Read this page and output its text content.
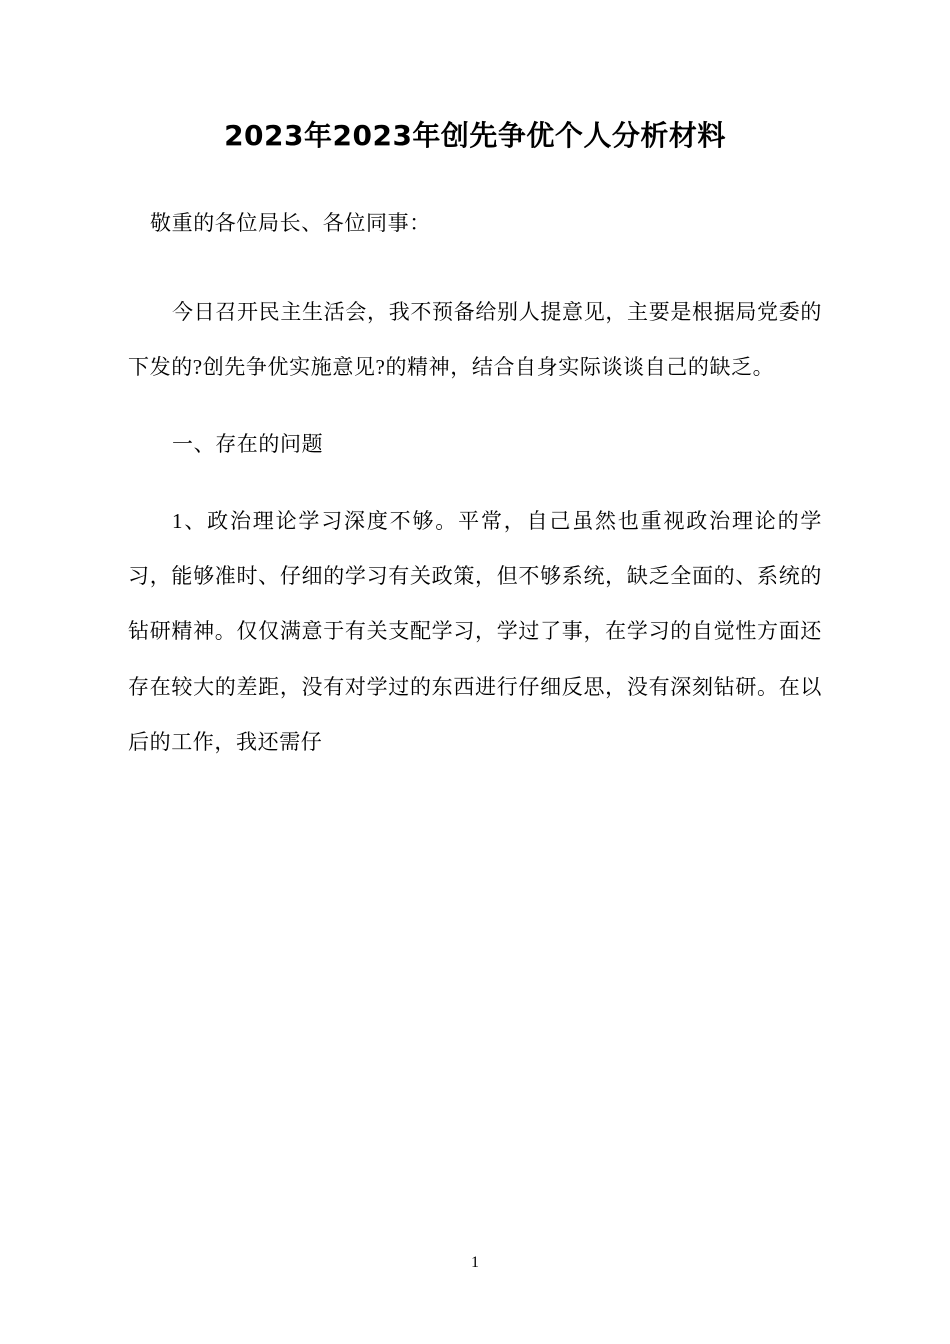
2023年2023年创先争优个人分析材料

敬重的各位局长、各位同事：

今日召开民主生活会，我不预备给别人提意见，主要是根据局党委的下发的?创先争优实施意见?的精神，结合自身实际谈谈自己的缺乏。

一、存在的问题

1、政治理论学习深度不够。平常，自己虽然也重视政治理论的学习，能够准时、仔细的学习有关政策，但不够系统，缺乏全面的、系统的钻研精神。仅仅满意于有关支配学习，学过了事，在学习的自觉性方面还存在较大的差距，没有对学过的东西进行仔细反思，没有深刻钻研。在以后的工作，我还需仔

1
